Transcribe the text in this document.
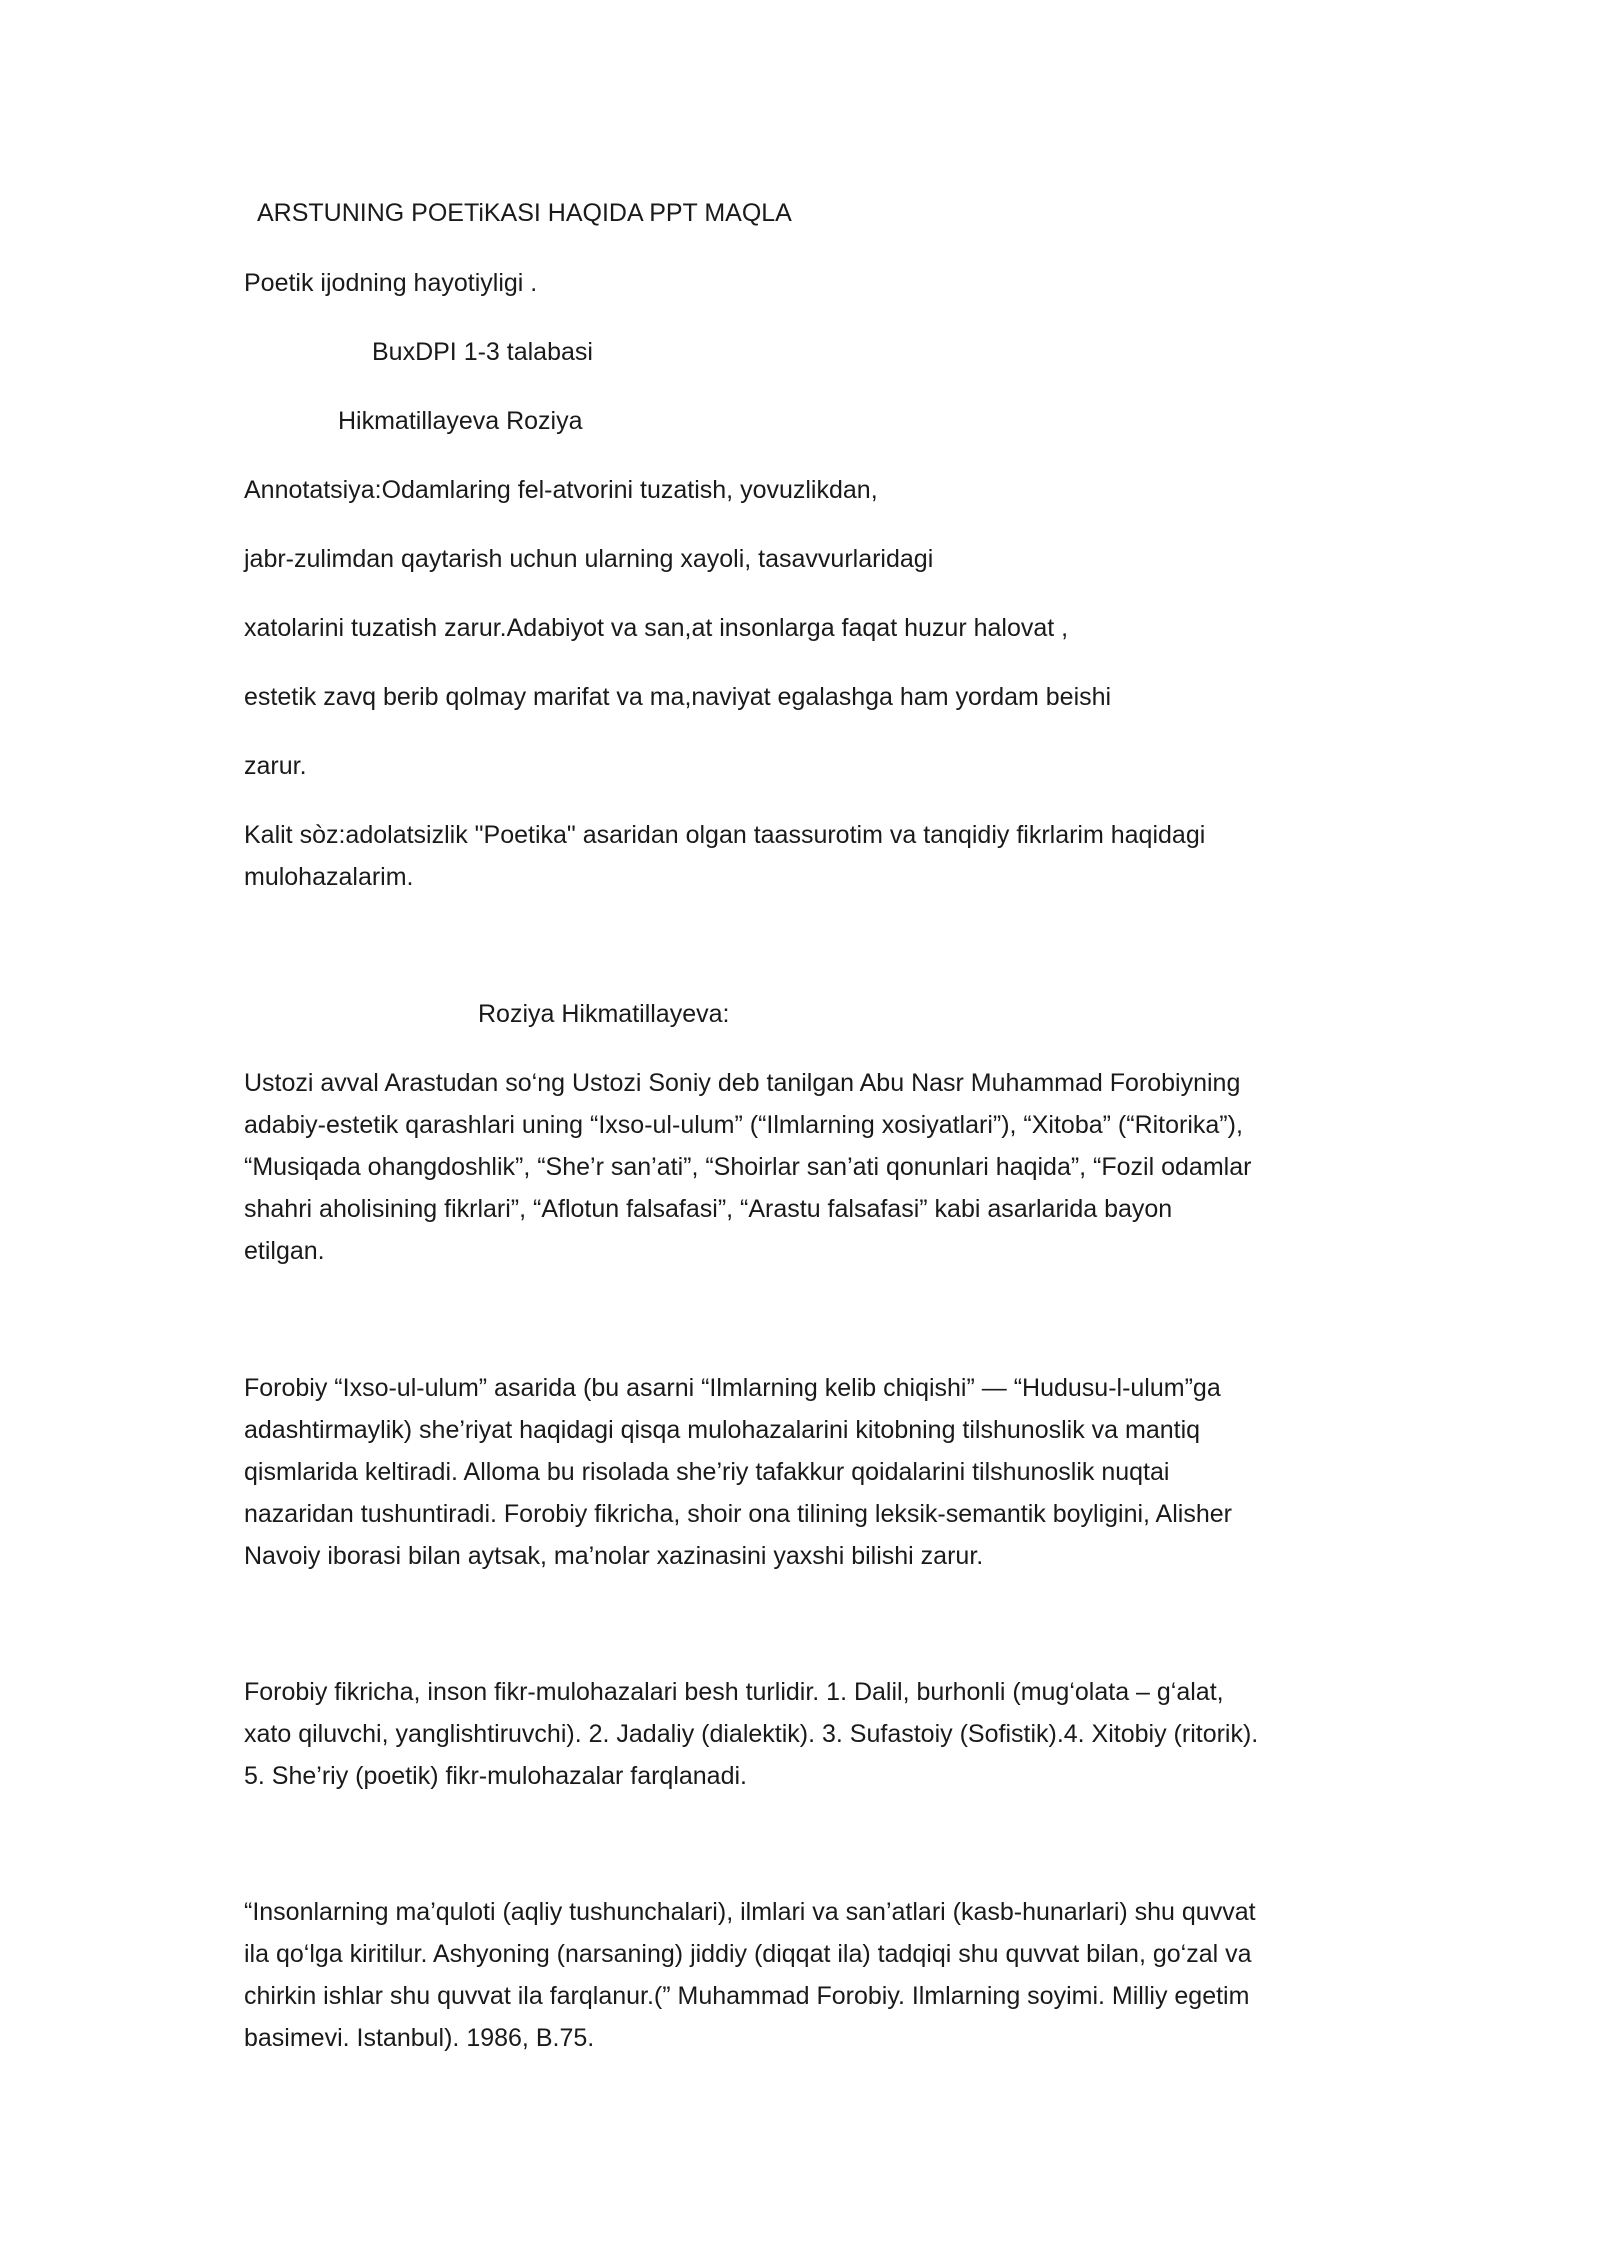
ARSTUNING POETiKASI HAQIDA PPT MAQLA

Poetik ijodning hayotiyligi .

BuxDPI 1-3 talabasi

Hikmatillayeva Roziya

Annotatsiya:Odamlaring fel-atvorini tuzatish, yovuzlikdan,

jabr-zulimdan qaytarish uchun ularning xayoli, tasavvurlaridagi

xatolarini tuzatish zarur.Adabiyot va san,at insonlarga faqat huzur halovat ,

estetik zavq berib qolmay marifat va ma,naviyat egalashga ham yordam beishi

zarur.

Kalit sòz:adolatsizlik "Poetika" asaridan olgan taassurotim va tanqidiy fikrlarim haqidagi
mulohazalarim.

Roziya Hikmatillayeva:

Ustozi avval Arastudan so‘ng Ustozi Soniy deb tanilgan Abu Nasr Muhammad Forobiyning
adabiy-estetik qarashlari uning “Ixso-ul-ulum” (“Ilmlarning xosiyatlari”), “Xitoba” (“Ritorika”),
“Musiqada ohangdoshlik”, “She’r san’ati”, “Shoirlar san’ati qonunlari haqida”, “Fozil odamlar
shahri aholisining fikrlari”, “Aflotun falsafasi”, “Arastu falsafasi” kabi asarlarida bayon
etilgan.
Forobiy “Ixso-ul-ulum” asarida (bu asarni “Ilmlarning kelib chiqishi” — “Hudusu-l-ulum”ga
adashtirmaylik) she’riyat haqidagi qisqa mulohazalarini kitobning tilshunoslik va mantiq
qismlarida keltiradi. Alloma bu risolada she’riy tafakkur qoidalarini tilshunoslik nuqtai
nazaridan tushuntiradi. Forobiy fikricha, shoir ona tilining leksik-semantik boyligini, Alisher
Navoiy iborasi bilan aytsak, ma’nolar xazinasini yaxshi bilishi zarur.
Forobiy fikricha, inson fikr-mulohazalari besh turlidir. 1. Dalil, burhonli (mug‘olata – g‘alat,
xato qiluvchi, yanglishtiruvchi). 2. Jadaliy (dialektik). 3. Sufastoiy (Sofistik).4. Xitobiy (ritorik).
5. She’riy (poetik) fikr-mulohazalar farqlanadi.
“Insonlarning ma’quloti (aqliy tushunchalari), ilmlari va san’atlari (kasb-hunarlari) shu quvvat
ila qo‘lga kiritilur. Ashyoning (narsaning) jiddiy (diqqat ila) tadqiqi shu quvvat bilan, go‘zal va
chirkin ishlar shu quvvat ila farqlanur.(” Muhammad Forobiy. Ilmlarning soyimi. Milliy egetim
basimevi. Istanbul). 1986, B.75.
